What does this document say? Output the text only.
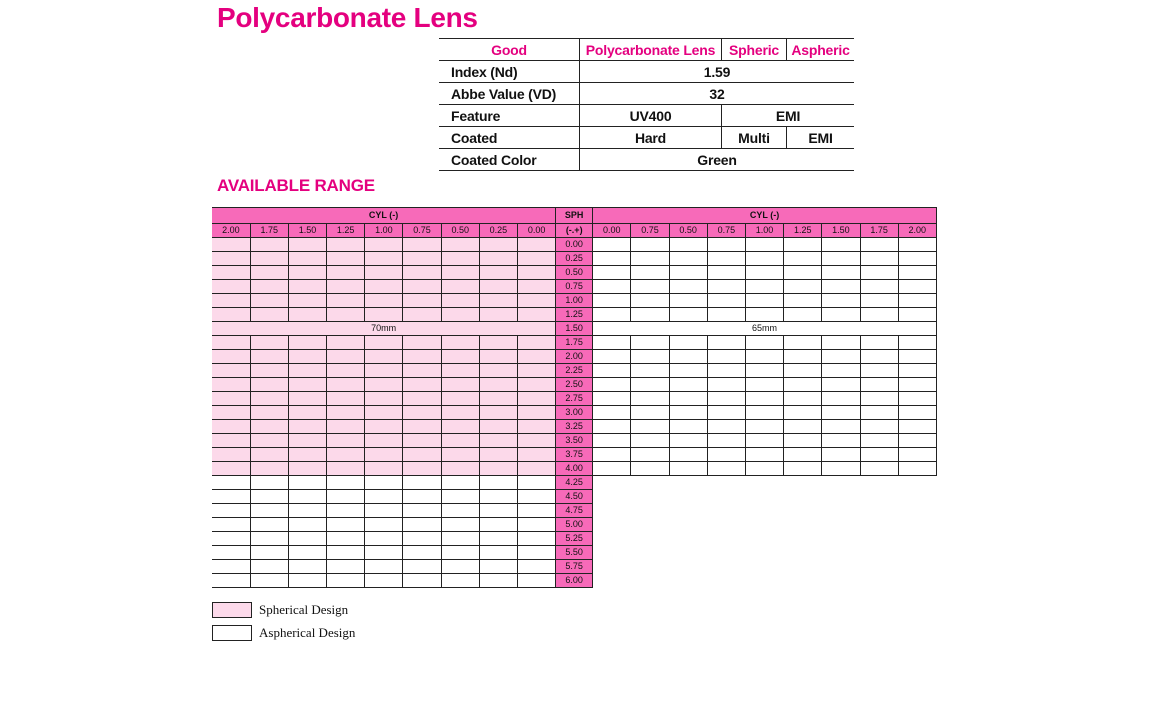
Polycarbonate Lens
Good	Polycarbonate Lens	Spheric	Aspheric
Index (Nd)	1.59		
Abbe Value (VD)	32		
Feature	UV400	EMI	
Coated	Hard	Multi	EMI
Coated Color	Green		
AVAILABLE RANGE
CYL (-)									SPH	CYL (-)								
2.00	1.75	1.50	1.25	1.00	0.75	0.50	0.25	0.00	(-.+)	0.00	0.75	0.50	0.75	1.00	1.25	1.50	1.75	2.00
									0.00									
									0.25									
									0.50									
									0.75									
									1.00									
									1.25									
70mm									1.50	65mm								
									1.75									
									2.00									
									2.25									
									2.50									
									2.75									
									3.00									
									3.25									
									3.50									
									3.75									
									4.00									
									4.25									
									4.50									
									4.75									
									5.00									
									5.25									
									5.50									
									5.75									
									6.00									
Spherical Design
Aspherical Design
